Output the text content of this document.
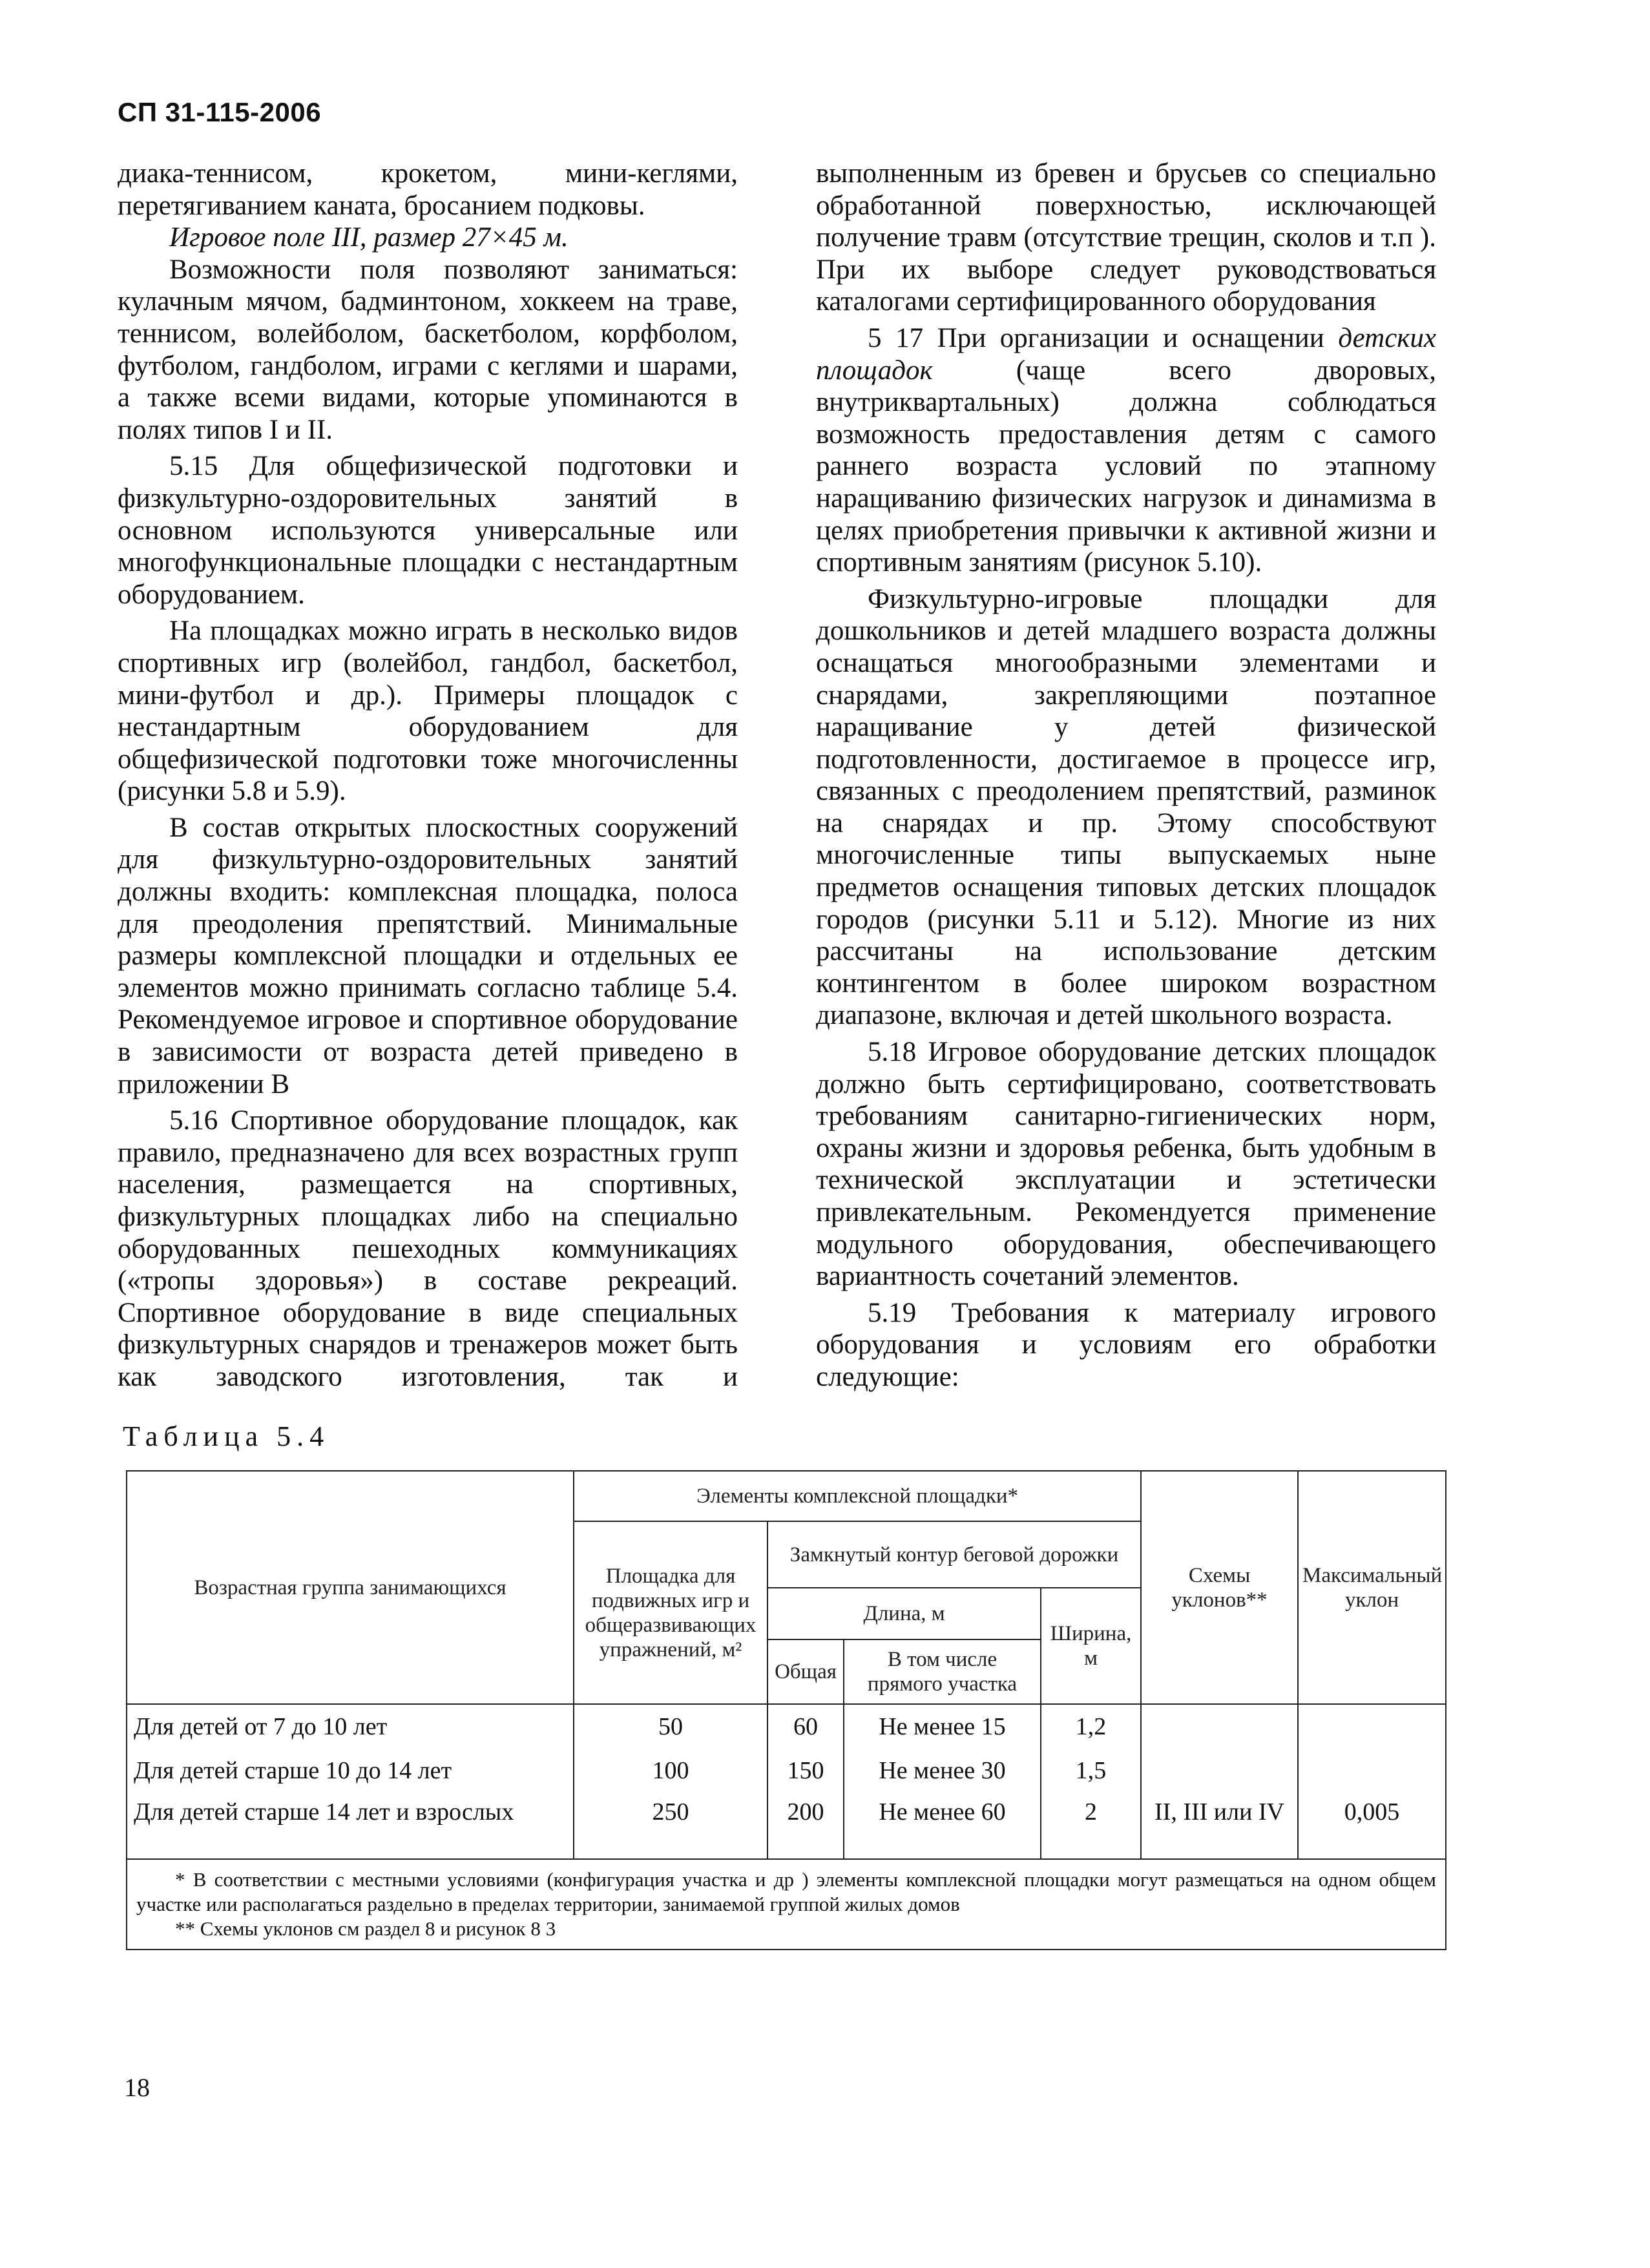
СП 31-115-2006

диака-теннисом, крокетом, мини-кеглями, перетягиванием каната, бросанием подковы.

Игровое поле III, размер 27×45 м.

Возможности поля позволяют заниматься: кулачным мячом, бадминтоном, хоккеем на траве, теннисом, волейболом, баскетболом, корфболом, футболом, гандболом, играми с кеглями и шарами, а также всеми видами, которые упоминаются в полях типов I и II.

5.15 Для общефизической подготовки и физкультурно-оздоровительных занятий в основном используются универсальные или многофункциональные площадки с нестандартным оборудованием.

На площадках можно играть в несколько видов спортивных игр (волейбол, гандбол, баскетбол, мини-футбол и др.). Примеры площадок с нестандартным оборудованием для общефизической подготовки тоже многочисленны (рисунки 5.8 и 5.9).

В состав открытых плоскостных сооружений для физкультурно-оздоровительных занятий должны входить: комплексная площадка, полоса для преодоления препятствий. Минимальные размеры комплексной площадки и отдельных ее элементов можно принимать согласно таблице 5.4. Рекомендуемое игровое и спортивное оборудование в зависимости от возраста детей приведено в приложении В

5.16 Спортивное оборудование площадок, как правило, предназначено для всех возрастных групп населения, размещается на спортивных, физкультурных площадках либо на специально оборудованных пешеходных коммуникациях («тропы здоровья») в составе рекреаций. Спортивное оборудование в виде специальных физкультурных снарядов и тренажеров может быть как заводского изготовления, так и

выполненным из бревен и брусьев со специально обработанной поверхностью, исключающей получение травм (отсутствие трещин, сколов и т.п ). При их выборе следует руководствоваться каталогами сертифицированного оборудования

5 17 При организации и оснащении детских площадок (чаще всего дворовых, внутриквартальных) должна соблюдаться возможность предоставления детям с самого раннего возраста условий по этапному наращиванию физических нагрузок и динамизма в целях приобретения привычки к активной жизни и спортивным занятиям (рисунок 5.10).

Физкультурно-игровые площадки для дошкольников и детей младшего возраста должны оснащаться многообразными элементами и снарядами, закрепляющими поэтапное наращивание у детей физической подготовленности, достигаемое в процессе игр, связанных с преодолением препятствий, разминок на снарядах и пр. Этому способствуют многочисленные типы выпускаемых ныне предметов оснащения типовых детских площадок городов (рисунки 5.11 и 5.12). Многие из них рассчитаны на использование детским контингентом в более широком возрастном диапазоне, включая и детей школьного возраста.

5.18 Игровое оборудование детских площадок должно быть сертифицировано, соответствовать требованиям санитарно-гигиенических норм, охраны жизни и здоровья ребенка, быть удобным в технической эксплуатации и эстетически привлекательным. Рекомендуется применение модульного оборудования, обеспечивающего вариантность сочетаний элементов.

5.19 Требования к материалу игрового оборудования и условиям его обработки следующие:

Таблица 5.4
Возрастная группа занимающихся	Элементы комплексной площадки*				Схемы уклонов**	Максимальный уклон
	Площадка для подвижных игр и общеразвивающих упражнений, м²	Замкнутый контур беговой дорожки				
		Длина, м		Ширина, м		
		Общая	В том числе прямого участка			
Для детей от 7 до 10 лет	50	60	Не менее 15	1,2		
Для детей старше 10 до 14 лет	100	150	Не менее 30	1,5		
Для детей старше 14 лет и взрослых	250	200	Не менее 60	2	II, III или IV	0,005

* В соответствии с местными условиями (конфигурация участка и др ) элементы комплексной площадки могут размещаться на одном общем участке или располагаться раздельно в пределах территории, занимаемой группой жилых домов

** Схемы уклонов см раздел 8 и рисунок 8 3						

18
